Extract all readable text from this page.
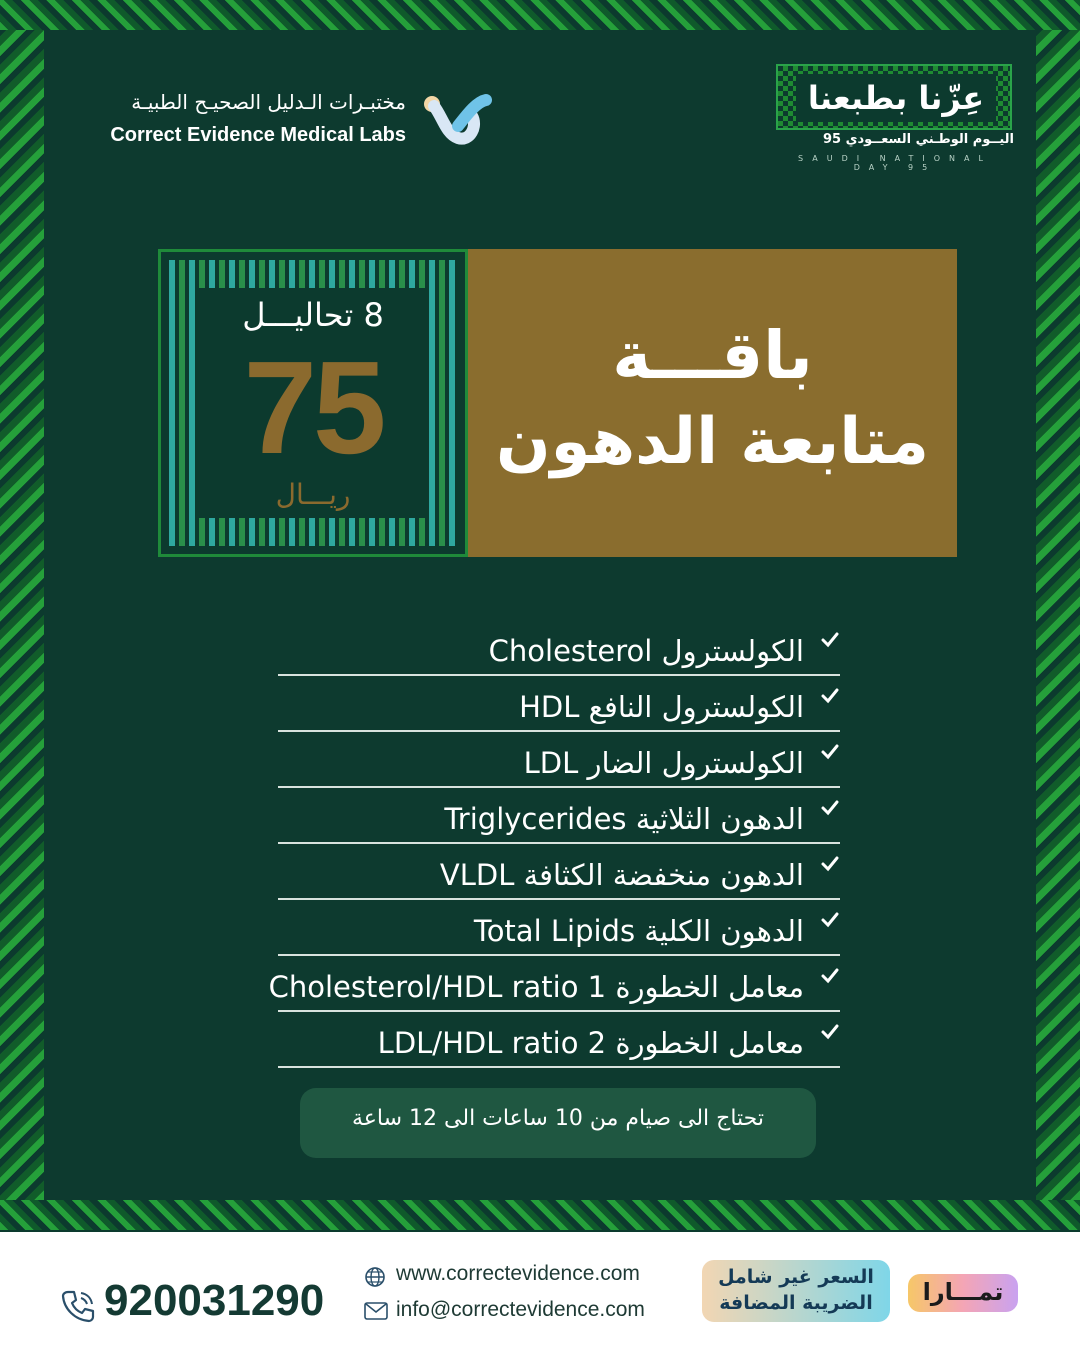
مختبـرات الـدليل الصحيـح الطبيـة
Correct Evidence Medical Labs
عِزّنا بطبعنا
اليــوم الوطـني السعــودي 95
SAUDI NATIONAL DAY 95
8 تحاليـــل
75
ريـــال
باقـــة
متابعة الدهون
الكولسترول Cholesterol
الكولسترول النافع HDL
الكولسترول الضار LDL
الدهون الثلاثية Triglycerides
الدهون منخفضة الكثافة VLDL
الدهون الكلية Total Lipids
معامل الخطورة 1 Cholesterol/HDL ratio
معامل الخطورة 2 LDL/HDL ratio
تحتاج الى صيام من 10 ساعات الى 12 ساعة
920031290
www.correctevidence.com
info@correctevidence.com
السعر غير شامل
الضريبة المضافة	تمـــارا
